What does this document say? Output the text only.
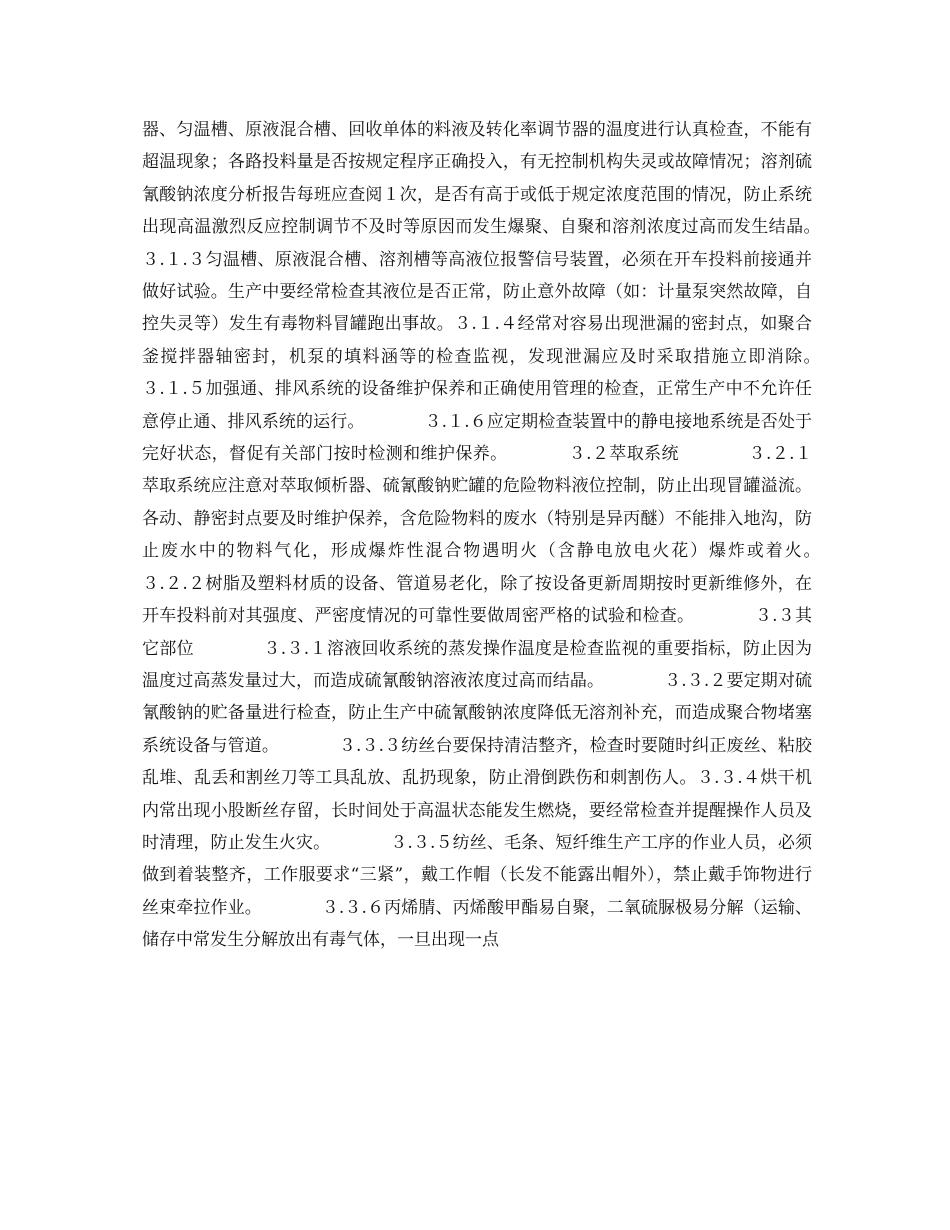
器、匀温槽、原液混合槽、回收单体的料液及转化率调节器的温度进行认真检查，不能有超温现象；各路投料量是否按规定程序正确投入，有无控制机构失灵或故障情况；溶剂硫氰酸钠浓度分析报告每班应查阅１次，是否有高于或低于规定浓度范围的情况，防止系统出现高温激烈反应控制调节不及时等原因而发生爆聚、自聚和溶剂浓度过高而发生结晶。　　　　３.１.３匀温槽、原液混合槽、溶剂槽等高液位报警信号装置，必须在开车投料前接通并做好试验。生产中要经常检查其液位是否正常，防止意外故障（如：计量泵突然故障，自控失灵等）发生有毒物料冒罐跑出事故。３.１.４经常对容易出现泄漏的密封点，如聚合釜搅拌器轴密封，机泵的填料涵等的检查监视，发现泄漏应及时采取措施立即消除。　　　　３.１.５加强通、排风系统的设备维护保养和正确使用管理的检查，正常生产中不允许任意停止通、排风系统的运行。　　　　３.１.６应定期检查装置中的静电接地系统是否处于完好状态，督促有关部门按时检测和维护保养。　　　　３.２萃取系统　　　　３.２.１萃取系统应注意对萃取倾析器、硫氰酸钠贮罐的危险物料液位控制，防止出现冒罐溢流。各动、静密封点要及时维护保养，含危险物料的废水（特别是异丙醚）不能排入地沟，防止废水中的物料气化，形成爆炸性混合物遇明火（含静电放电火花）爆炸或着火。　　　　３.２.２树脂及塑料材质的设备、管道易老化，除了按设备更新周期按时更新维修外，在开车投料前对其强度、严密度情况的可靠性要做周密严格的试验和检查。　　　　３.３其它部位　　　　３.３.１溶液回收系统的蒸发操作温度是检查监视的重要指标，防止因为温度过高蒸发量过大，而造成硫氰酸钠溶液浓度过高而结晶。　　　　３.３.２要定期对硫氰酸钠的贮备量进行检查，防止生产中硫氰酸钠浓度降低无溶剂补充，而造成聚合物堵塞系统设备与管道。　　　　３.３.３纺丝台要保持清洁整齐，检查时要随时纠正废丝、粘胶乱堆、乱丢和割丝刀等工具乱放、乱扔现象，防止滑倒跌伤和刺割伤人。３.３.４烘干机内常出现小股断丝存留，长时间处于高温状态能发生燃烧，要经常检查并提醒操作人员及时清理，防止发生火灾。　　　　３.３.５纺丝、毛条、短纤维生产工序的作业人员，必须做到着装整齐，工作服要求“三紧”，戴工作帽（长发不能露出帽外），禁止戴手饰物进行丝束牵拉作业。　　　　３.３.６丙烯腈、丙烯酸甲酯易自聚，二氧硫脲极易分解（运输、储存中常发生分解放出有毒气体，一旦出现一点
